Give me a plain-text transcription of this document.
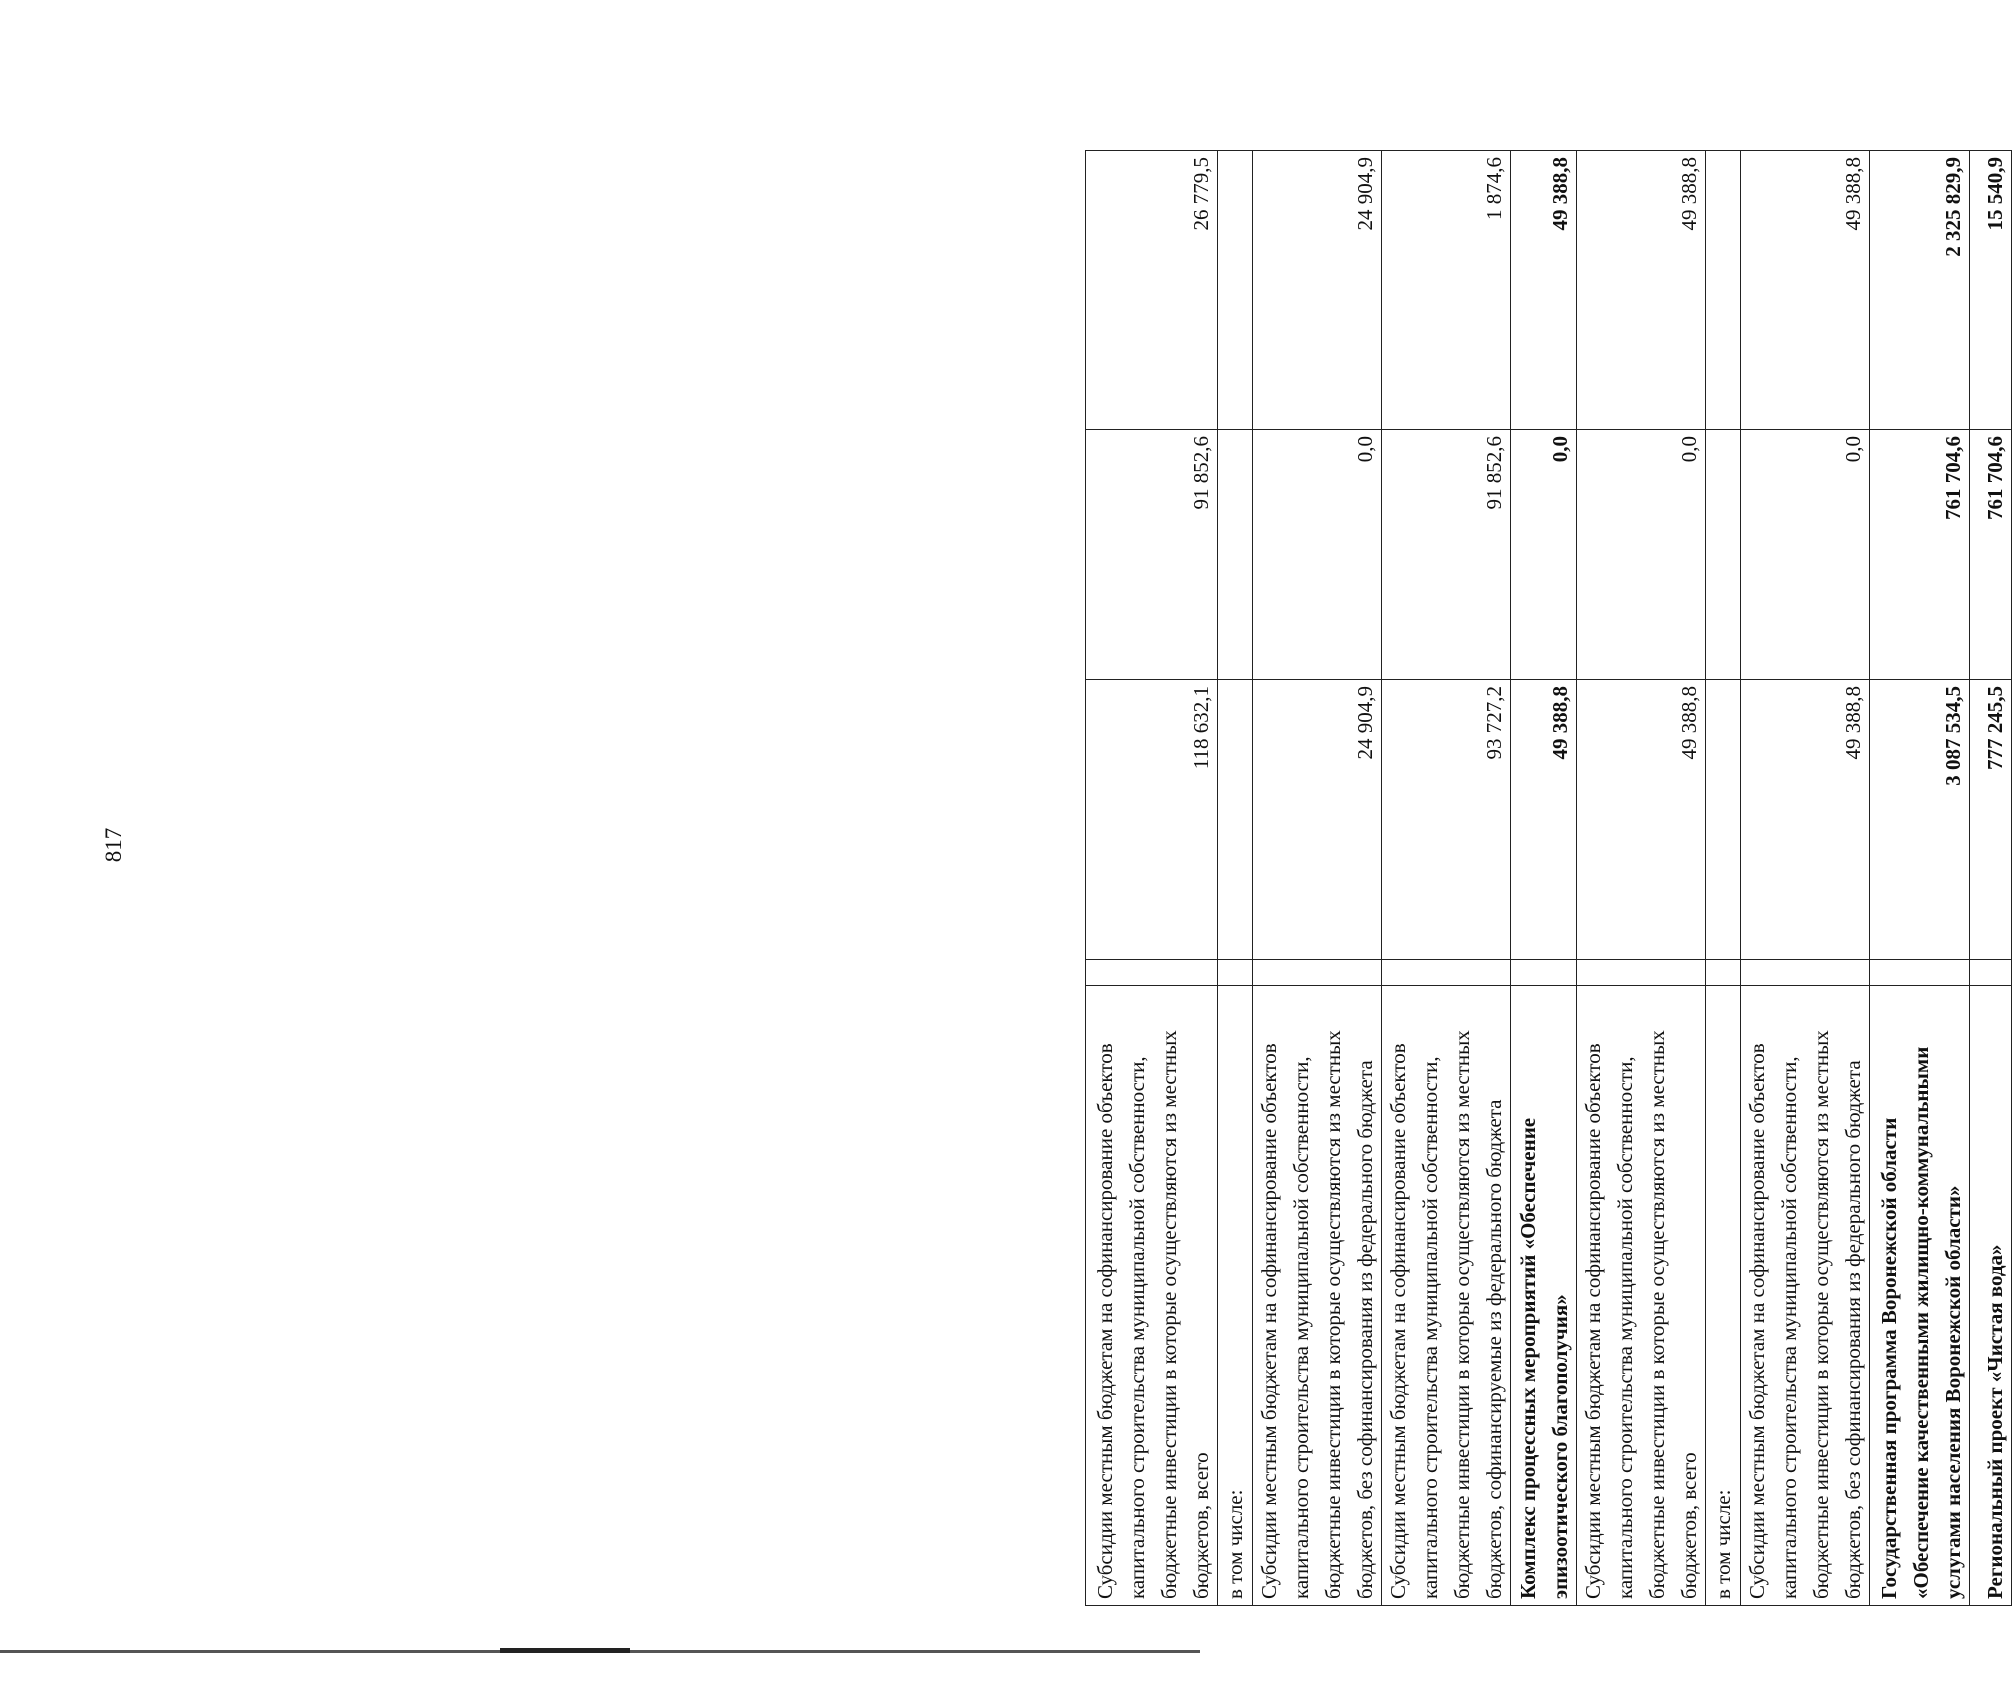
817
Субсидии местным бюджетам на софинансирование объектов капитального строительства муниципальной собственности, бюджетные инвестиции в которые осуществляются из местных бюджетов, всего		118 632,1	91 852,6	26 779,5
в том числе:				
Субсидии местным бюджетам на софинансирование объектов капитального строительства муниципальной собственности, бюджетные инвестиции в которые осуществляются из местных бюджетов, без софинансирования из федерального бюджета		24 904,9	0,0	24 904,9
Субсидии местным бюджетам на софинансирование объектов капитального строительства муниципальной собственности, бюджетные инвестиции в которые осуществляются из местных бюджетов, софинансируемые из федерального бюджета		93 727,2	91 852,6	1 874,6
Комплекс процессных мероприятий «Обеспечение эпизоотического благополучия»		49 388,8	0,0	49 388,8
Субсидии местным бюджетам на софинансирование объектов капитального строительства муниципальной собственности, бюджетные инвестиции в которые осуществляются из местных бюджетов, всего		49 388,8	0,0	49 388,8
в том числе:				
Субсидии местным бюджетам на софинансирование объектов капитального строительства муниципальной собственности, бюджетные инвестиции в которые осуществляются из местных бюджетов, без софинансирования из федерального бюджета		49 388,8	0,0	49 388,8
Государственная программа Воронежской области «Обеспечение качественными жилищно-коммунальными услугами населения Воронежской области»		3 087 534,5	761 704,6	2 325 829,9
Региональный проект «Чистая вода»		777 245,5	761 704,6	15 540,9
